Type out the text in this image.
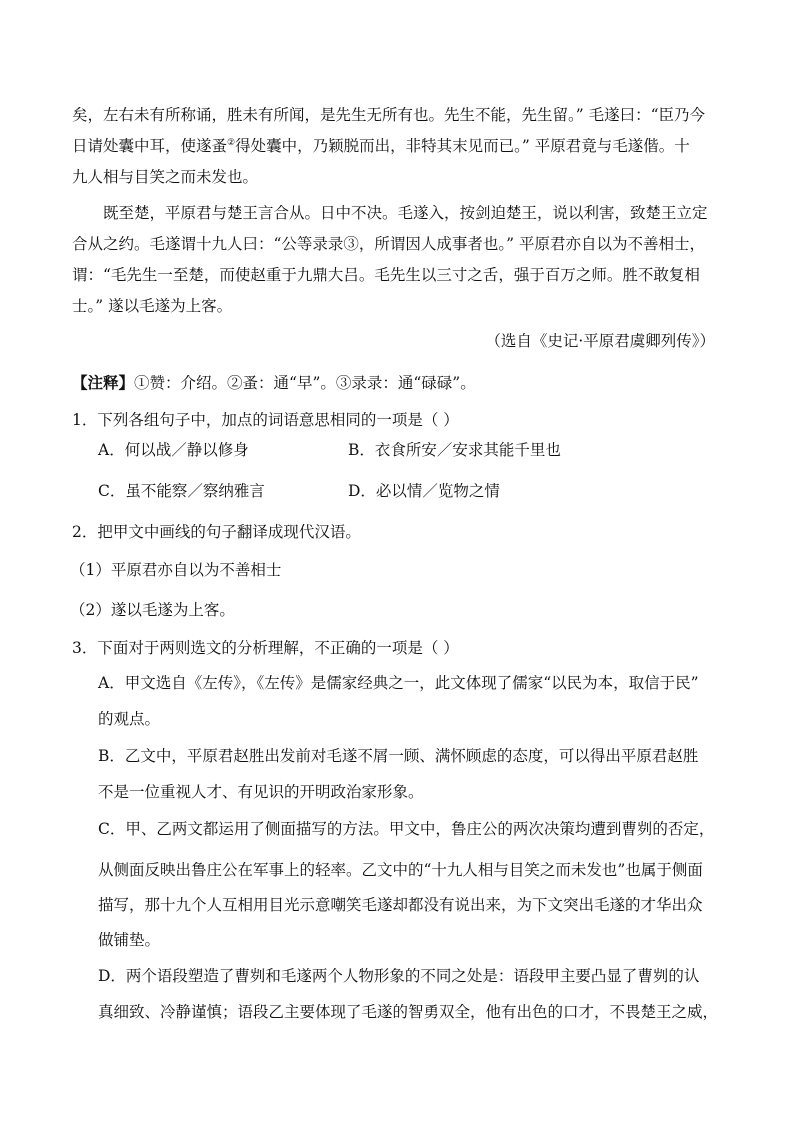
矣，左右未有所称诵，胜未有所闻，是先生无所有也。先生不能，先生留。” 毛遂曰：“臣乃今
日请处囊中耳，使遂蚤②得处囊中，乃颖脱而出，非特其末见而已。” 平原君竟与毛遂偕。十
九人相与目笑之而未发也。
既至楚，平原君与楚王言合从。日中不决。毛遂入，按剑迫楚王，说以利害，致楚王立定
合从之约。毛遂谓十九人曰：“公等录录③，所谓因人成事者也。” 平原君亦自以为不善相士，
谓：“毛先生一至楚，而使赵重于九鼎大吕。毛先生以三寸之舌，强于百万之师。胜不敢复相
士。” 遂以毛遂为上客。
（选自《史记·平原君虞卿列传》）
【注释】①赞：介绍。②蚤：通“早”。③录录：通“碌碌”。
1．下列各组句子中，加点的词语意思相同的一项是（ ）
A．何以战／静以修身	B．衣食所安／安求其能千里也
C．虽不能察／察纳雅言	D．必以情／览物之情
2．把甲文中画线的句子翻译成现代汉语。
（1）平原君亦自以为不善相士
（2）遂以毛遂为上客。
3．下面对于两则选文的分析理解，不正确的一项是（ ）
A．甲文选自《左传》，《左传》是儒家经典之一，此文体现了儒家“以民为本，取信于民”
的观点。
B．乙文中，平原君赵胜出发前对毛遂不屑一顾、满怀顾虑的态度，可以得出平原君赵胜
不是一位重视人才、有见识的开明政治家形象。
C．甲、乙两文都运用了侧面描写的方法。甲文中，鲁庄公的两次决策均遭到曹刿的否定，
从侧面反映出鲁庄公在军事上的轻率。乙文中的“十九人相与目笑之而未发也”也属于侧面
描写，那十九个人互相用目光示意嘲笑毛遂却都没有说出来，为下文突出毛遂的才华出众
做铺垫。
D．两个语段塑造了曹刿和毛遂两个人物形象的不同之处是：语段甲主要凸显了曹刿的认
真细致、冷静谨慎；语段乙主要体现了毛遂的智勇双全，他有出色的口才，不畏楚王之威，
